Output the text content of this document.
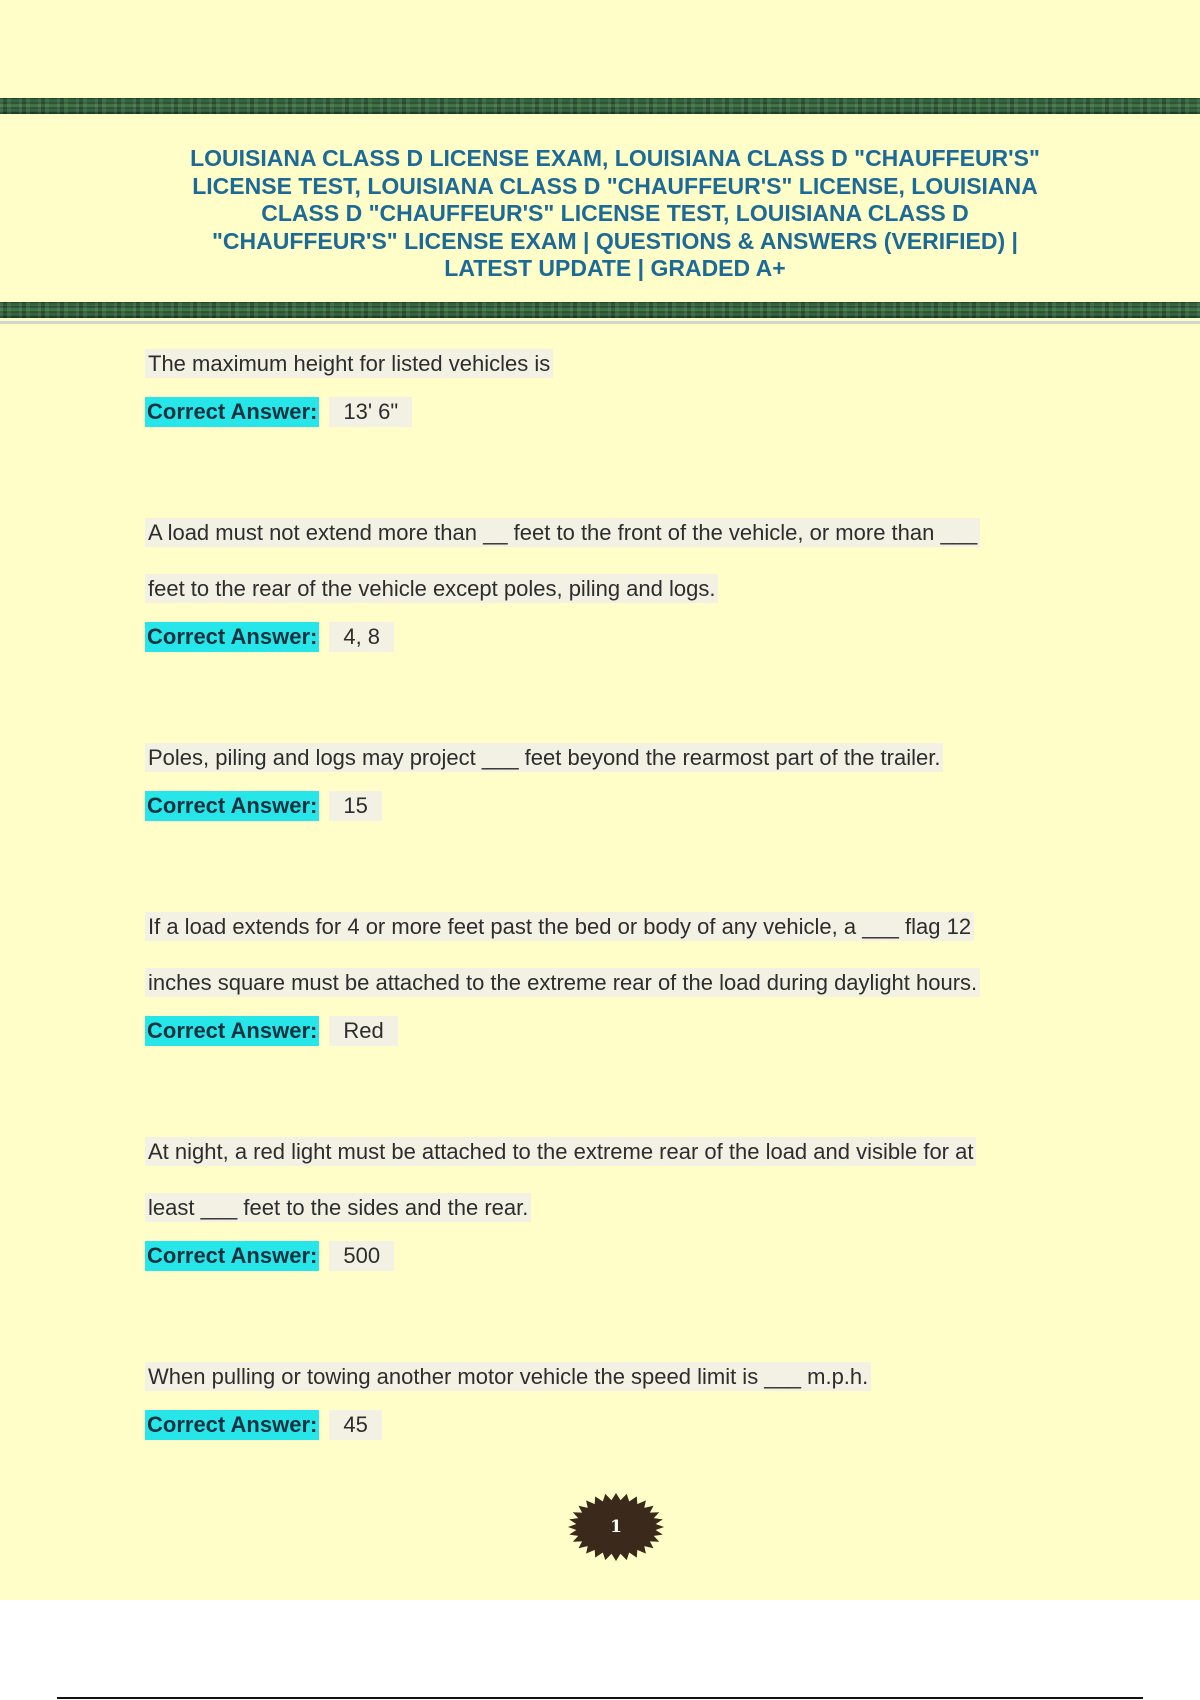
LOUISIANA CLASS D LICENSE EXAM, LOUISIANA CLASS D "CHAUFFEUR'S"
LICENSE TEST, LOUISIANA CLASS D "CHAUFFEUR'S" LICENSE, LOUISIANA
CLASS D "CHAUFFEUR'S" LICENSE TEST, LOUISIANA CLASS D
"CHAUFFEUR'S" LICENSE EXAM | QUESTIONS & ANSWERS (VERIFIED) |
LATEST UPDATE | GRADED A+

The maximum height for listed vehicles is

Correct Answer:	13' 6"

A load must not extend more than __ feet to the front of the vehicle, or more than ___
feet to the rear of the vehicle except poles, piling and logs.

Correct Answer:	4, 8

Poles, piling and logs may project ___ feet beyond the rearmost part of the trailer.

Correct Answer:	15

If a load extends for 4 or more feet past the bed or body of any vehicle, a ___ flag 12
inches square must be attached to the extreme rear of the load during daylight hours.

Correct Answer:	Red

At night, a red light must be attached to the extreme rear of the load and visible for at
least ___ feet to the sides and the rear.

Correct Answer:	500

When pulling or towing another motor vehicle the speed limit is ___ m.p.h.

Correct Answer:	45
1
